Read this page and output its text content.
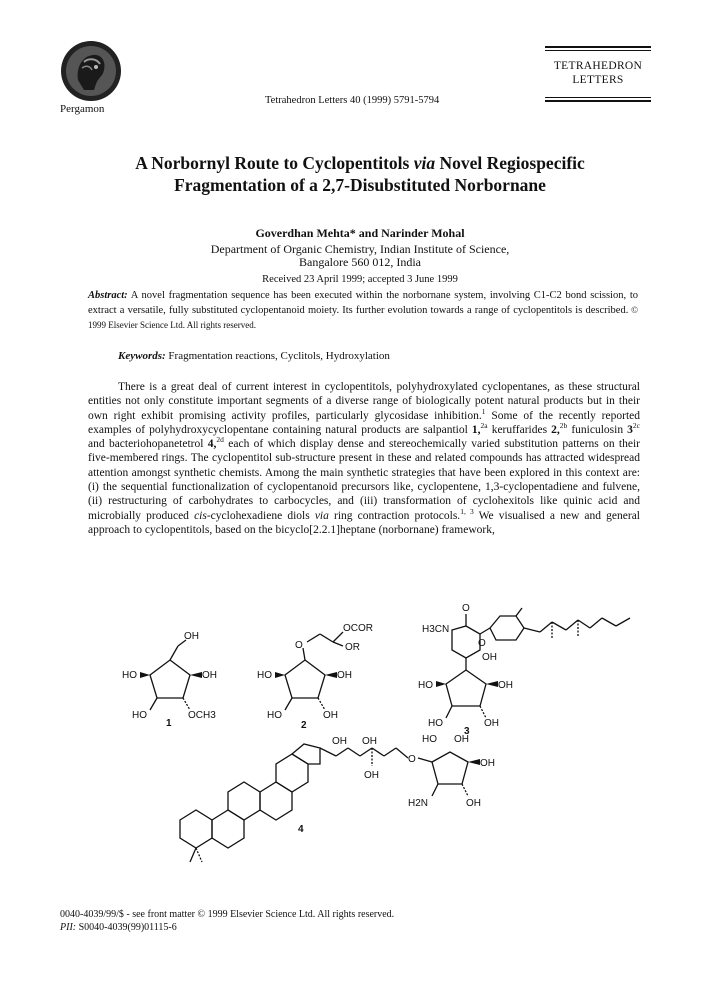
Pergamon
Tetrahedron Letters 40 (1999) 5791-5794
TETRAHEDRON
LETTERS
A Norbornyl Route to Cyclopentitols via Novel Regiospecific
Fragmentation of a 2,7-Disubstituted Norbornane
Goverdhan Mehta* and Narinder Mohal
Department of Organic Chemistry, Indian Institute of Science,
Bangalore 560 012, India
Received 23 April 1999; accepted 3 June 1999
Abstract: A novel fragmentation sequence has been executed within the norbornane system, involving C1-C2 bond scission, to extract a versatile, fully substituted cyclopentanoid moiety. Its further evolution towards a range of cyclopentitols is described. © 1999 Elsevier Science Ltd. All rights reserved.
Keywords: Fragmentation reactions, Cyclitols, Hydroxylation

There is a great deal of current interest in cyclopentitols, polyhydroxylated cyclopentanes, as these structural entities not only constitute important segments of a diverse range of biologically potent natural products but in their own right exhibit promising activity profiles, particularly glycosidase inhibition.$^1$ Some of the recently reported examples of polyhydroxycyclopentane containing natural products are salpantiol 1,$^{2a}$ keruffarides 2,$^{2b}$ funiculosin $3^{2c}$ and bacteriohopanetetrol 4,$^{2d}$ each of which display dense and stereochemically varied substitution patterns on their five-membered rings. The cyclopentitol sub-structure present in these and related compounds has attracted widespread attention amongst synthetic chemists. Among the main synthetic strategies that have been explored in this context are: (i) the sequential functionalization of cyclopentanoid precursors like, cyclopentene, 1,3-cyclopentadiene and fulvene, (ii) restructuring of carbohydrates to carbocycles, and (iii) transformation of cyclohexitols like quinic acid and microbially produced cis-cyclohexadiene diols via ring contraction protocols.$^{1, 3}$ We visualised a new and general approach to cyclopentitols, based on the bicyclo[2.2.1]heptane (norbornane) framework,

OH
HO	OH
HO	OCH3
1
O
OCOR
OR
HO	OH
HO	OH
2
O
H3CN
O
OH
HO	OH
HO	OH
3
OH OH
OH
O
HO OH
OH
H2N	OH
4
0040-4039/99/$ - see front matter © 1999 Elsevier Science Ltd. All rights reserved.
PII: S0040-4039(99)01115-6
